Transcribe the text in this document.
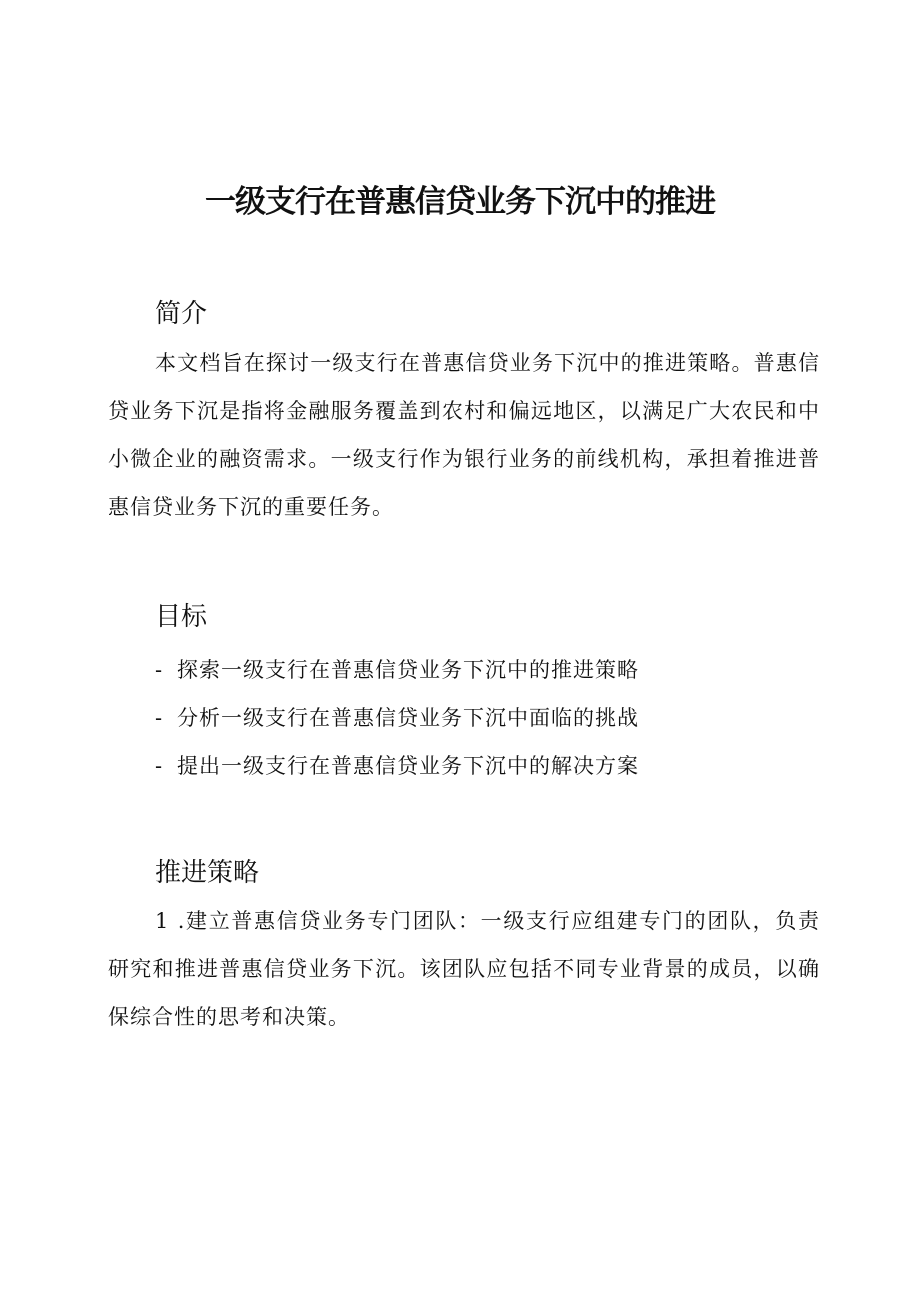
一级支行在普惠信贷业务下沉中的推进
简介

本文档旨在探讨一级支行在普惠信贷业务下沉中的推进策略。普惠信贷业务下沉是指将金融服务覆盖到农村和偏远地区，以满足广大农民和中小微企业的融资需求。一级支行作为银行业务的前线机构，承担着推进普惠信贷业务下沉的重要任务。

目标
- 探索一级支行在普惠信贷业务下沉中的推进策略
- 分析一级支行在普惠信贷业务下沉中面临的挑战
- 提出一级支行在普惠信贷业务下沉中的解决方案
推进策略

1 .建立普惠信贷业务专门团队：一级支行应组建专门的团队，负责研究和推进普惠信贷业务下沉。该团队应包括不同专业背景的成员，以确保综合性的思考和决策。
